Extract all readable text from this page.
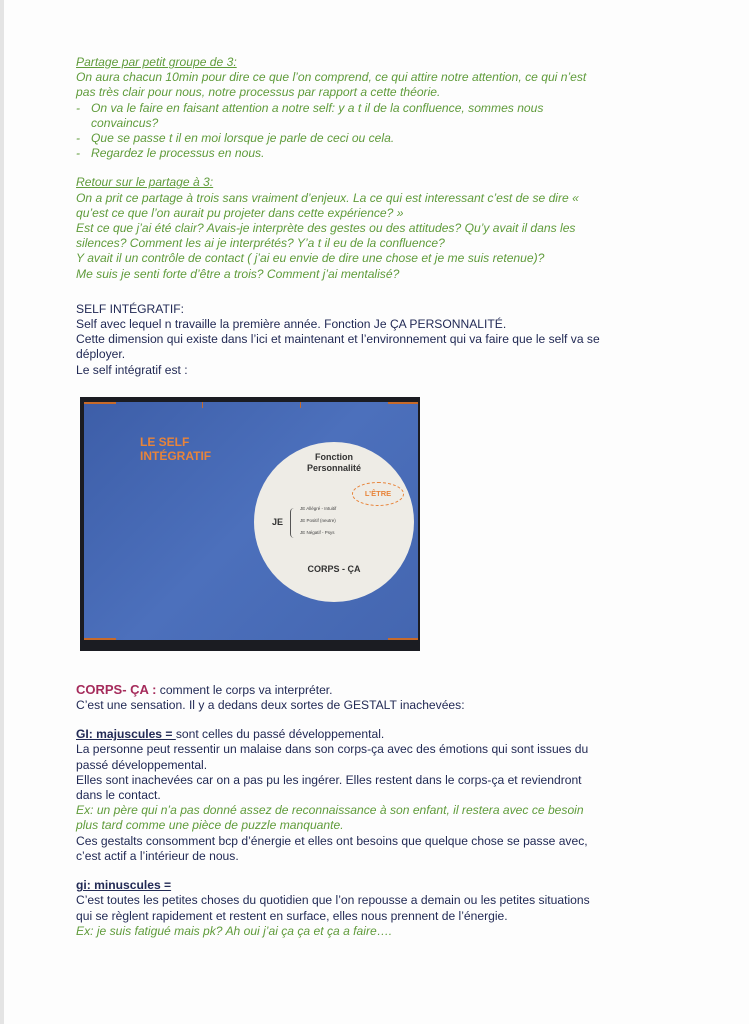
Partage par petit groupe de 3:

On aura chacun 10min pour dire ce que l’on comprend, ce qui attire notre attention, ce qui n’est

pas très clair pour nous, notre processus par rapport a cette théorie.

- On va le faire en faisant attention a notre self: y a t il de la confluence, sommes nous
convaincus?
- Que se passe t il en moi lorsque je parle de ceci ou cela.
- Regardez le processus en nous.

Retour sur le partage à 3:

On a prit ce partage à trois sans vraiment d’enjeux. La ce qui est interessant c’est de se dire «

qu’est ce que l’on aurait pu projeter dans cette expérience? »

Est ce que j’ai été clair? Avais-je interprète des gestes ou des attitudes? Qu’y avait il dans les

silences? Comment les ai je interprétés? Y’a t il eu de la confluence?

Y avait il un contrôle de contact ( j’ai eu envie de dire une chose et je me suis retenue)?

Me suis je senti forte d’être a trois? Comment j’ai mentalisé?

SELF INTÉGRATIF:

Self avec lequel n travaille la première année. Fonction Je ÇA PERSONNALITÉ.

Cette dimension qui existe dans l’ici et maintenant et l’environnement qui va faire que le self va se

déployer.

Le self intégratif est :

LE SELF
INTÉGRATIF	Fonction
Personnalité
L’ÊTRE
JE
JE Allégré - Intuitif
JE Positif (neutre)
JE Négatif - Psys
CORPS - ÇA

CORPS- ÇA : comment le corps va interpréter.

C’est une sensation. Il y a dedans deux sortes de GESTALT inachevées:

GI: majuscules = sont celles du passé développemental.

La personne peut ressentir un malaise dans son corps-ça avec des émotions qui sont issues du

passé développemental.

Elles sont inachevées car on a pas pu les ingérer. Elles restent dans le corps-ça et reviendront

dans le contact.

Ex: un père qui n’a pas donné assez de reconnaissance à son enfant, il restera avec ce besoin

plus tard comme une pièce de puzzle manquante.

Ces gestalts consomment bcp d’énergie et elles ont besoins que quelque chose se passe avec,

c’est actif a l’intérieur de nous.

gi: minuscules =

C’est toutes les petites choses du quotidien que l’on repousse a demain ou les petites situations

qui se règlent rapidement et restent en surface, elles nous prennent de l’énergie.

Ex: je suis fatigué mais pk? Ah oui j’ai ça ça et ça a faire….
